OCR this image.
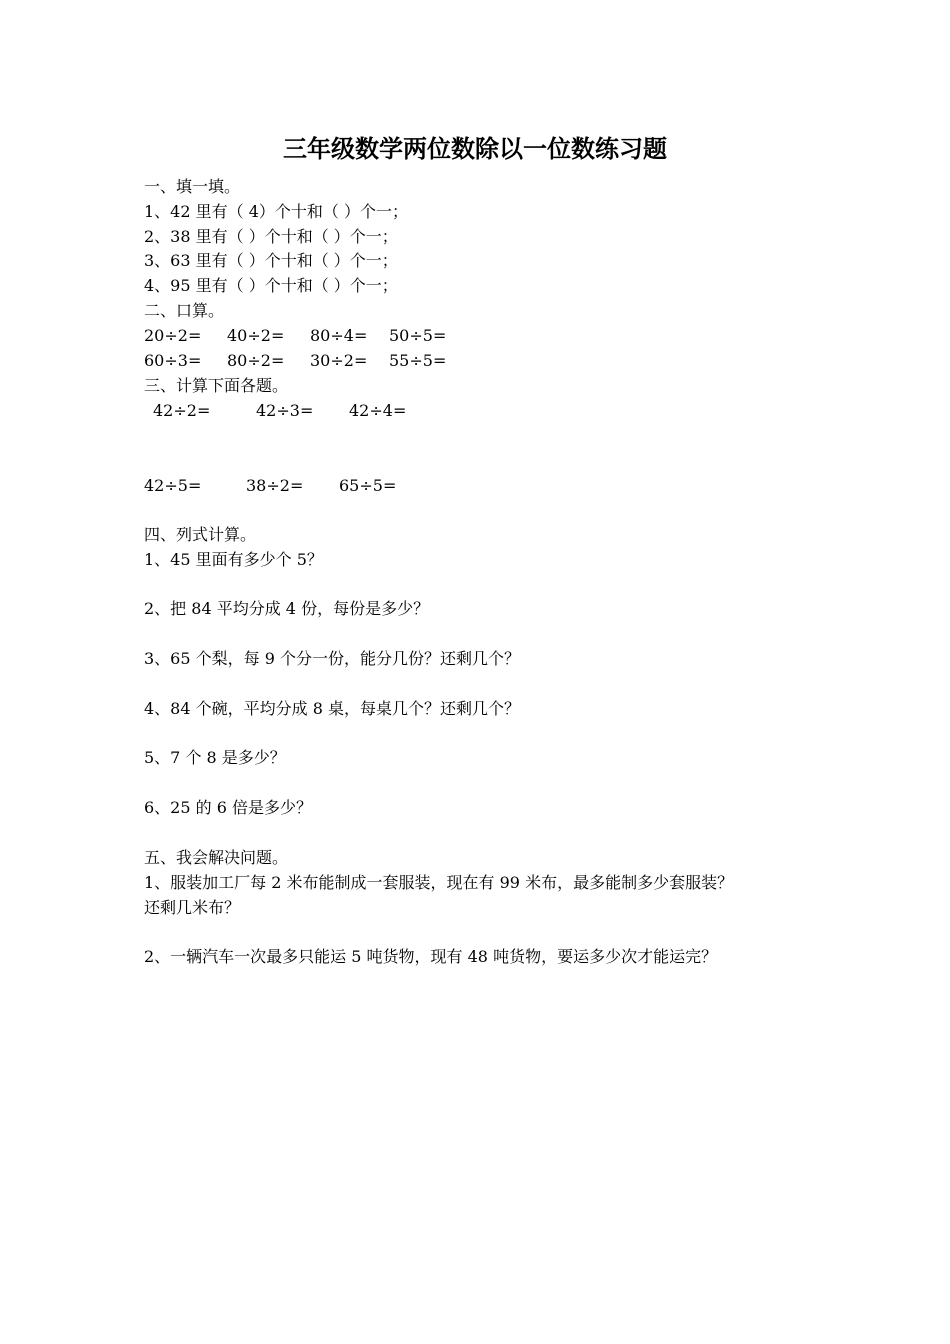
三年级数学两位数除以一位数练习题
一、填一填。
1、42 里有（ 4）个十和（ ）个一；
2、38 里有（ ）个十和（ ）个一；
3、63 里有（ ）个十和（ ）个一；
4、95 里有（ ）个十和（ ）个一；
二、口算。
20÷2= 40÷2= 80÷4= 50÷5=
60÷3= 80÷2= 30÷2= 55÷5=
三、计算下面各题。
42÷2=	42÷3= 42÷4=
42÷5=	38÷2= 65÷5=
四、列式计算。
1、45 里面有多少个 5？
2、把 84 平均分成 4 份，每份是多少？
3、65 个梨，每 9 个分一份，能分几份？还剩几个？
4、84 个碗，平均分成 8 桌，每桌几个？还剩几个？
5、7 个 8 是多少？
6、25 的 6 倍是多少？
五、我会解决问题。
1、服装加工厂每 2 米布能制成一套服装，现在有 99 米布，最多能制多少套服装？
还剩几米布？
2、一辆汽车一次最多只能运 5 吨货物，现有 48 吨货物，要运多少次才能运完？
